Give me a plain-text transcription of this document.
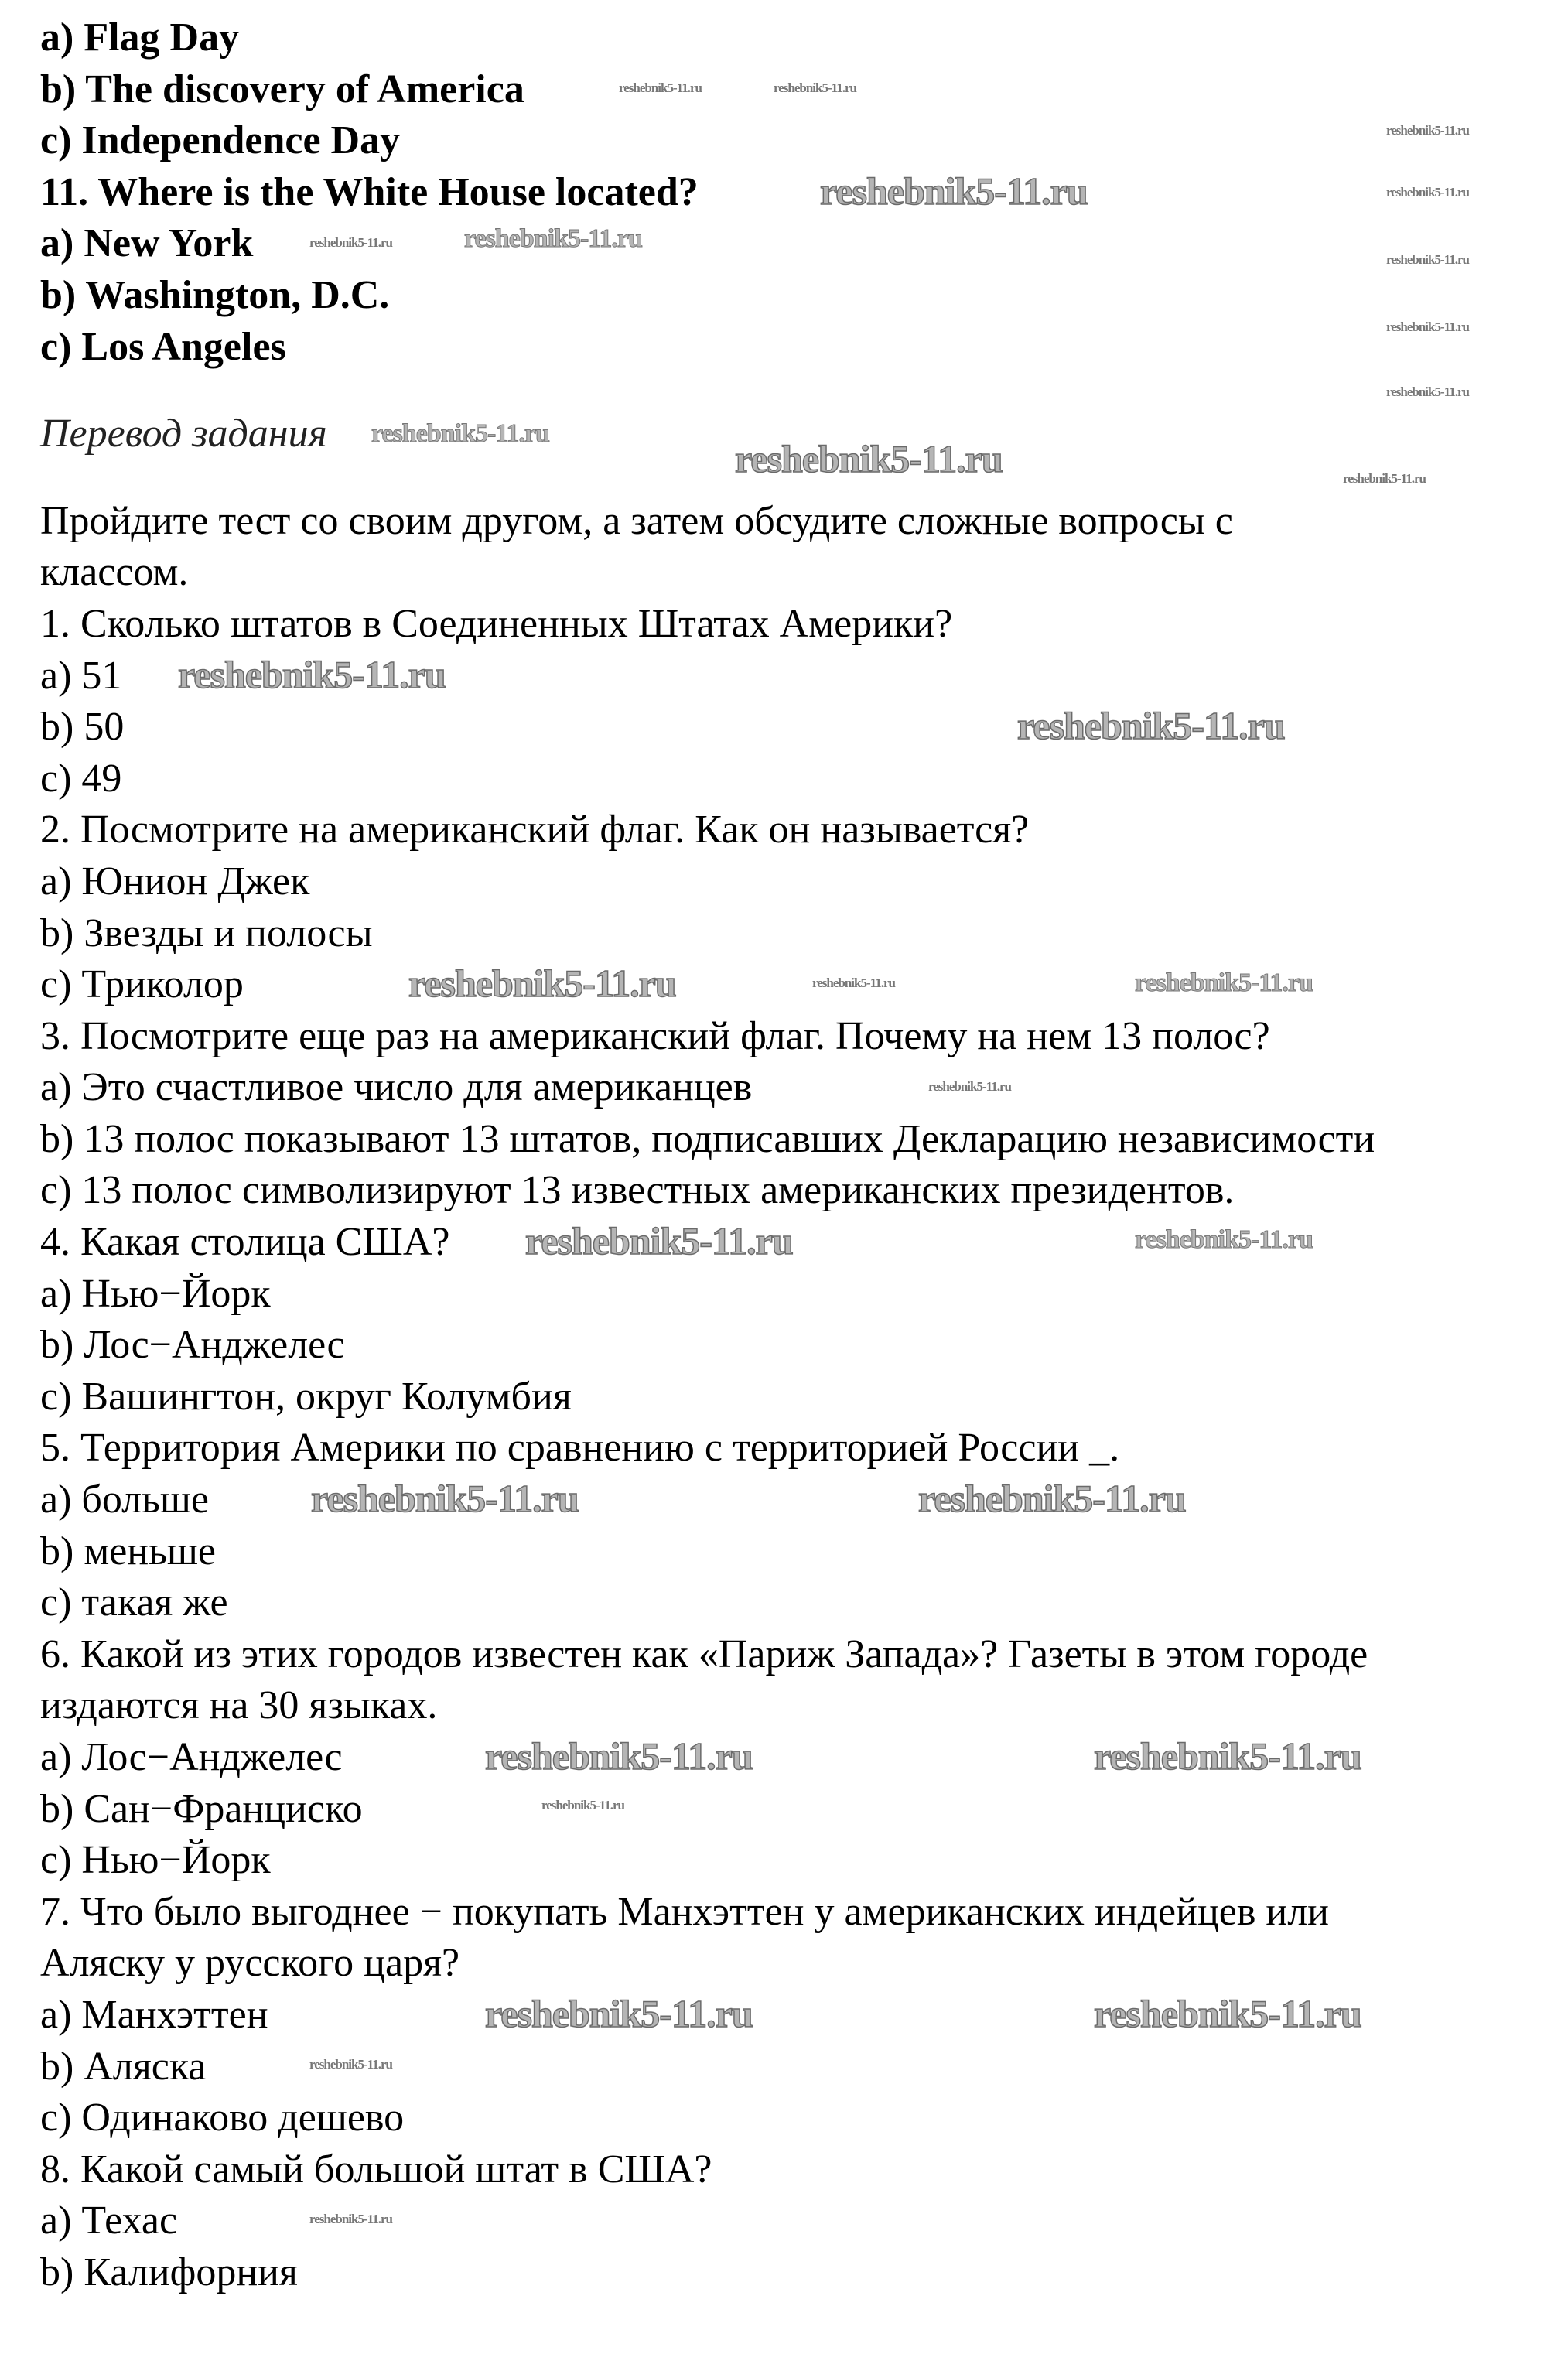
a) Flag Day
b) The discovery of America
c) Independence Day
11. Where is the White House located?
a) New York
b) Washington, D.C.
c) Los Angeles
Перевод задания
Пройдите тест со своим другом, а затем обсудите сложные вопросы с
классом.
1. Сколько штатов в Соединенных Штатах Америки?
a) 51
b) 50
c) 49
2. Посмотрите на американский флаг. Как он называется?
a) Юнион Джек
b) Звезды и полосы
c) Триколор
3. Посмотрите еще раз на американский флаг. Почему на нем 13 полос?
a) Это счастливое число для американцев
b) 13 полос показывают 13 штатов, подписавших Декларацию независимости
c) 13 полос символизируют 13 известных американских президентов.
4. Какая столица США?
a) Нью−Йорк
b) Лос−Анджелес
c) Вашингтон, округ Колумбия
5. Территория Америки по сравнению с территорией России _.
a) больше
b) меньше
c) такая же
6. Какой из этих городов известен как «Париж Запада»? Газеты в этом городе
издаются на 30 языках.
a) Лос−Анджелес
b) Сан−Франциско
c) Нью−Йорк
7. Что было выгоднее − покупать Манхэттен у американских индейцев или
Аляску у русского царя?
a) Манхэттен
b) Аляска
c) Одинаково дешево
8. Какой самый большой штат в США?
a) Техас
b) Калифорния
reshebnik5-11.ru
reshebnik5-11.ru
reshebnik5-11.ru
reshebnik5-11.ru
reshebnik5-11.ru
reshebnik5-11.ru
reshebnik5-11.ru	reshebnik5-11.ru
reshebnik5-11.ru	reshebnik5-11.ru
reshebnik5-11.ru	reshebnik5-11.ru
reshebnik5-11.ru	reshebnik5-11.ru
reshebnik5-11.ru	reshebnik5-11.ru
reshebnik5-11.ru	reshebnik5-11.ru
reshebnik5-11.ru
reshebnik5-11.ru
reshebnik5-11.ru
reshebnik5-11.ru
reshebnik5-11.ru
reshebnik5-11.ru
reshebnik5-11.ru
reshebnik5-11.ru
reshebnik5-11.ru
reshebnik5-11.ru
reshebnik5-11.ru
reshebnik5-11.ru
